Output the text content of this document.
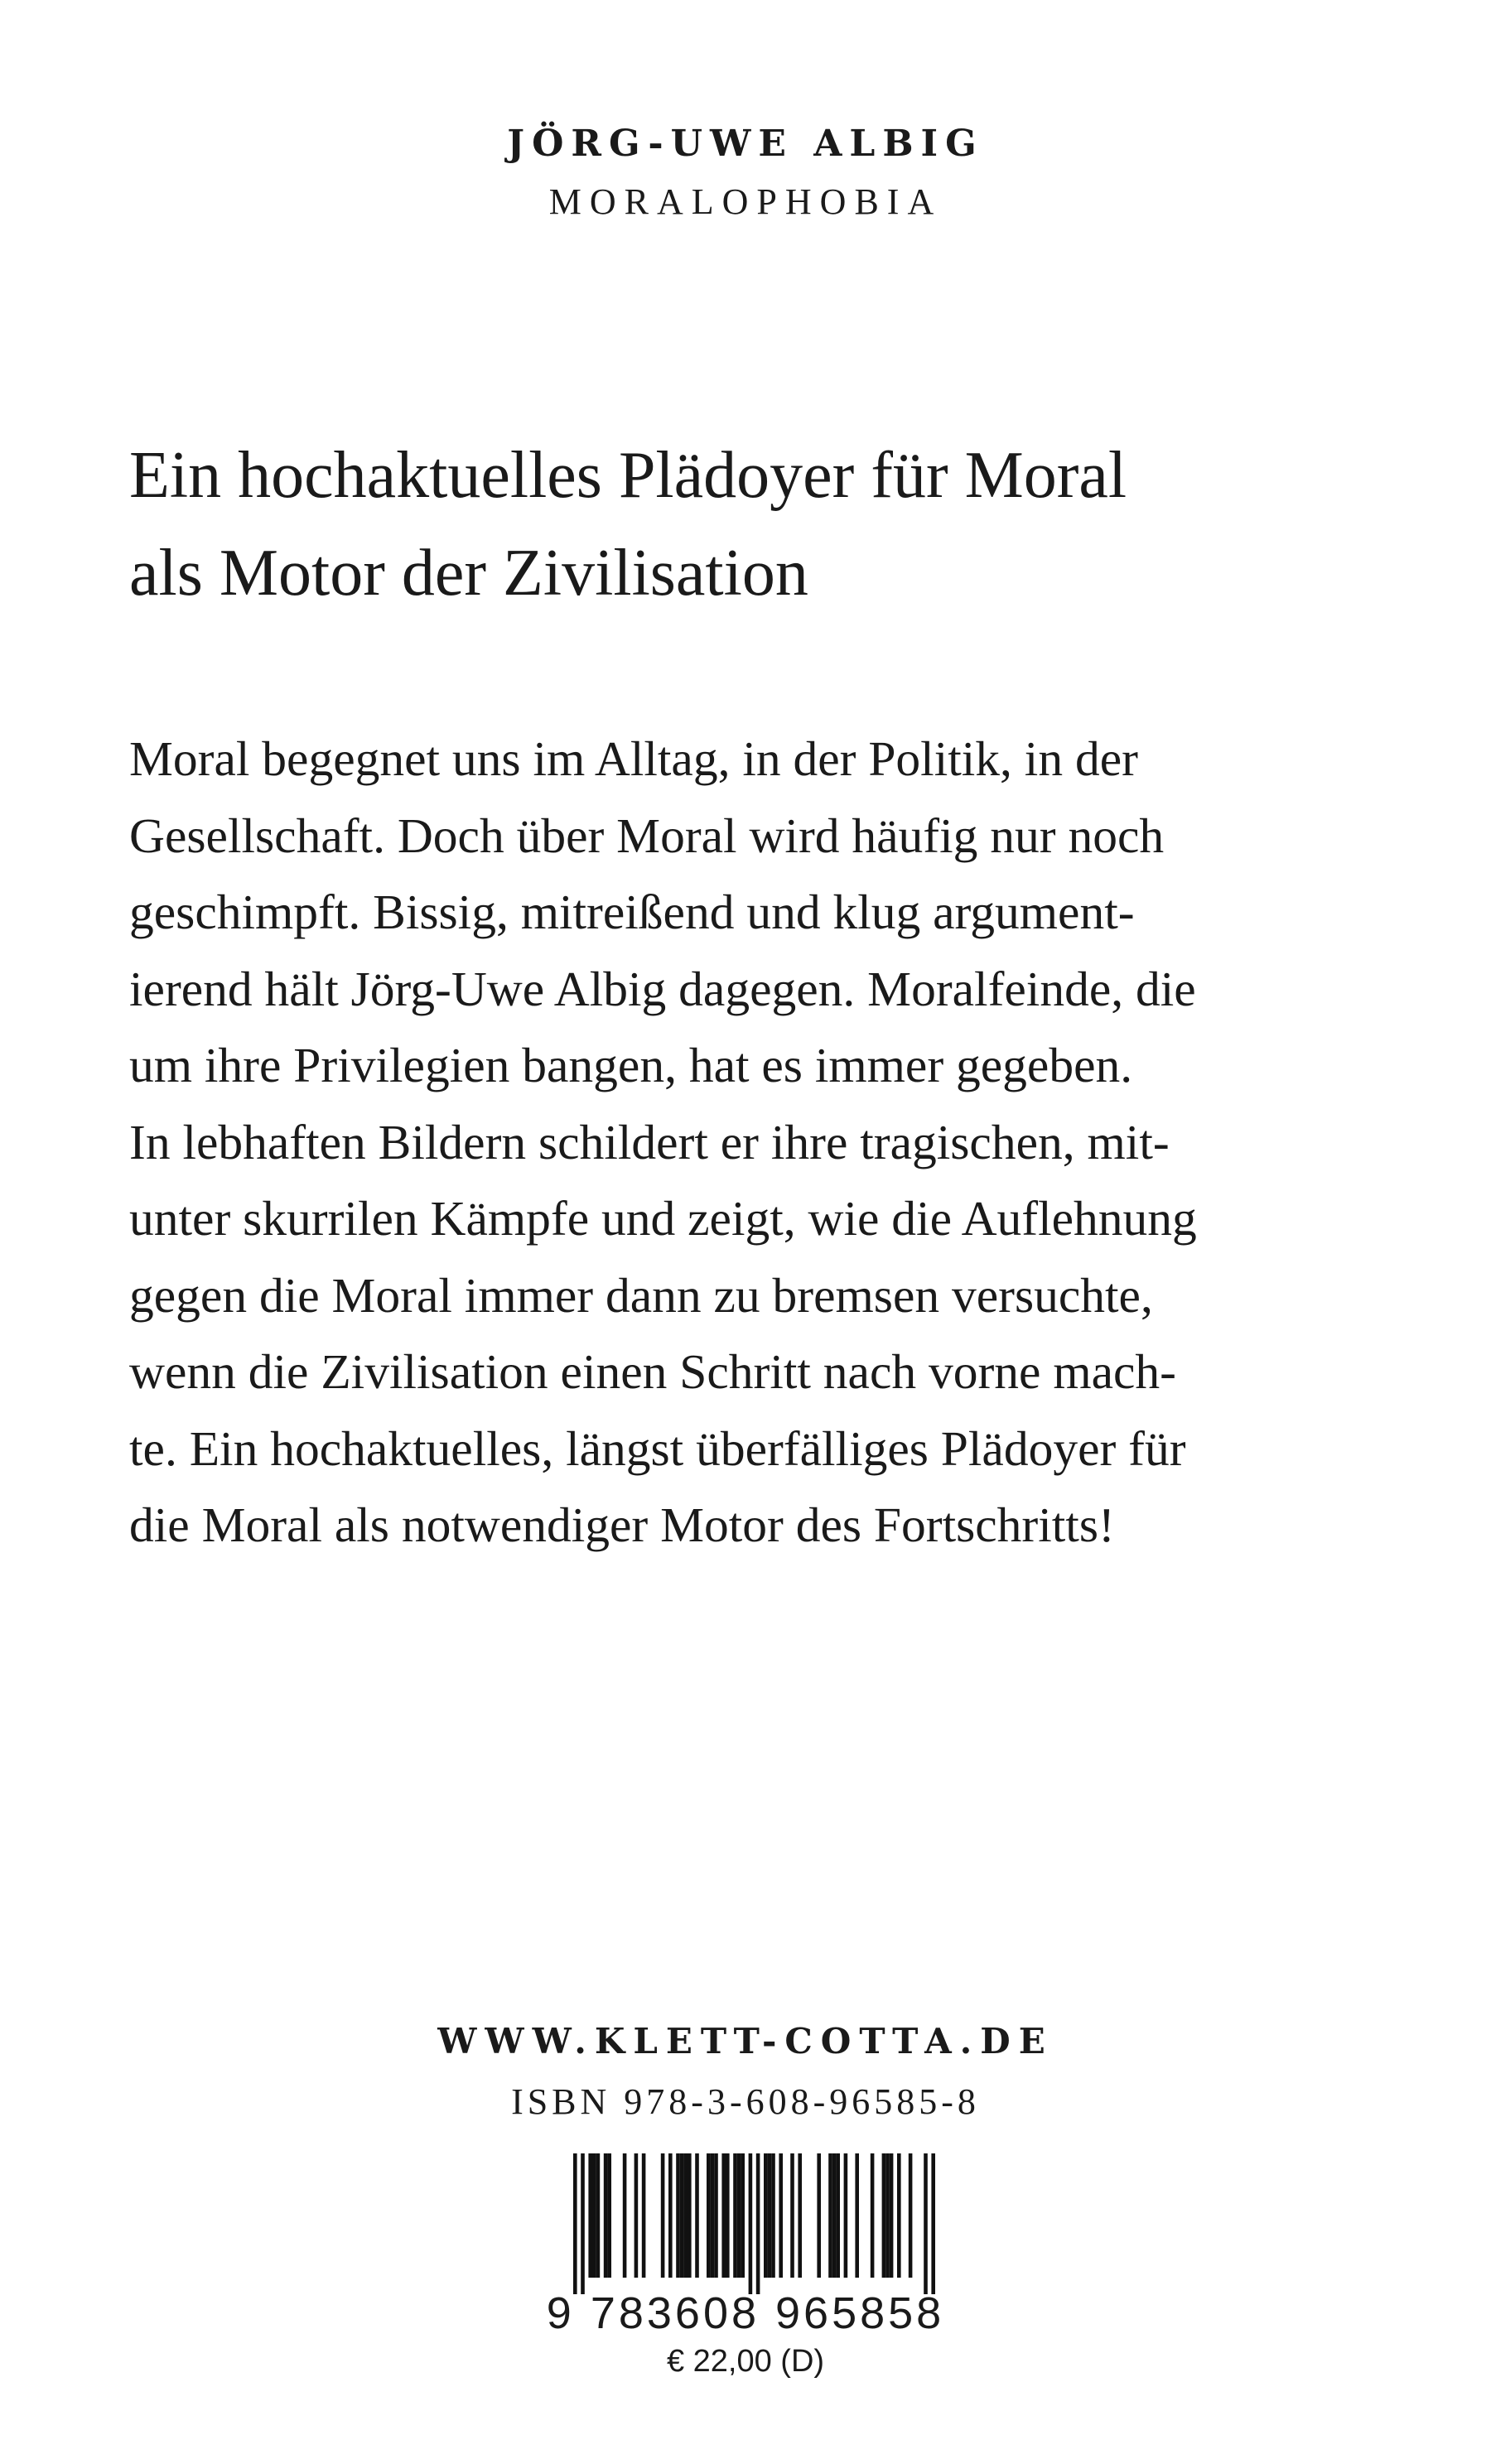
JÖRG-UWE ALBIG
MORALOPHOBIA
Ein hochaktuelles Plädoyer für Moral
als Motor der Zivilisation
Moral begegnet uns im Alltag, in der Politik, in der
Gesellschaft. Doch über Moral wird häufig nur noch
geschimpft. Bissig, mitreißend und klug argument-
ierend hält Jörg-Uwe Albig dagegen. Moralfeinde, die
um ihre Privilegien bangen, hat es immer gegeben.
In lebhaften Bildern schildert er ihre tragischen, mit-
unter skurrilen Kämpfe und zeigt, wie die Auflehnung
gegen die Moral immer dann zu bremsen versuchte,
wenn die Zivilisation einen Schritt nach vorne mach-
te. Ein hochaktuelles, längst überfälliges Plädoyer für
die Moral als notwendiger Motor des Fortschritts!
WWW.KLETT-COTTA.DE
ISBN 978-3-608-96585-8
9 783608 965858
€ 22,00 (D)
